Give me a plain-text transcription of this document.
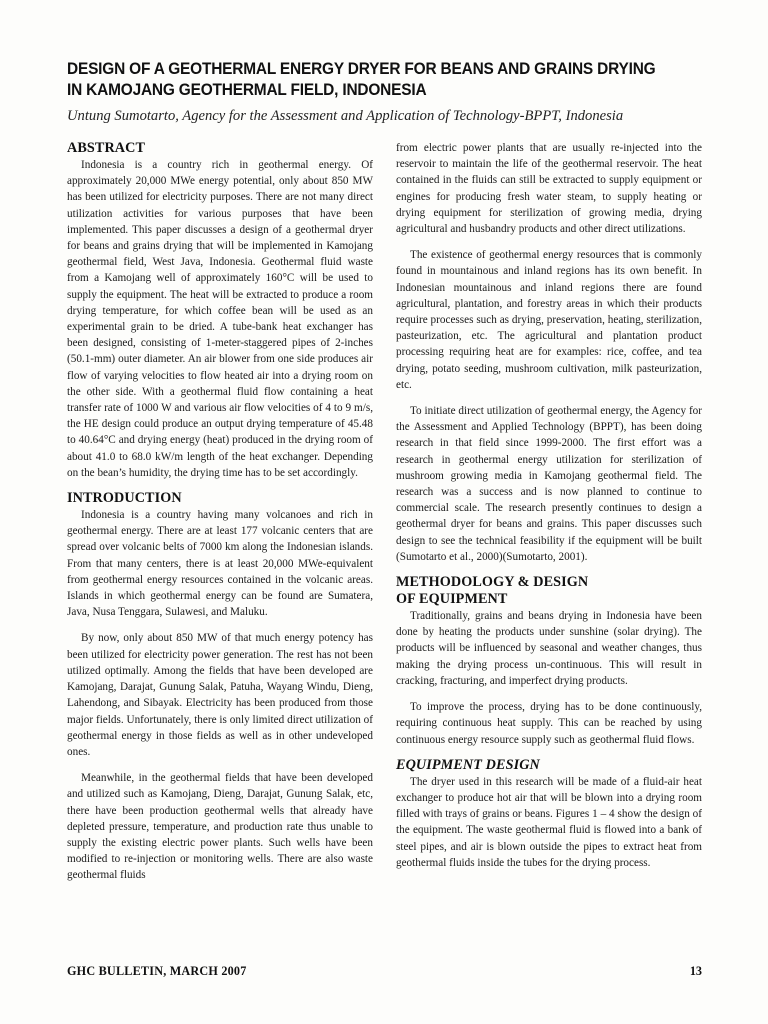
DESIGN OF A GEOTHERMAL ENERGY DRYER FOR BEANS AND GRAINS DRYING IN KAMOJANG GEOTHERMAL FIELD, INDONESIA

Untung Sumotarto, Agency for the Assessment and Application of Technology-BPPT, Indonesia

ABSTRACT

Indonesia is a country rich in geothermal energy. Of approximately 20,000 MWe energy potential, only about 850 MW has been utilized for electricity purposes. There are not many direct utilization activities for various purposes that have been implemented. This paper discusses a design of a geothermal dryer for beans and grains drying that will be implemented in Kamojang geothermal field, West Java, Indonesia. Geothermal fluid waste from a Kamojang well of approximately 160°C will be used to supply the equipment. The heat will be extracted to produce a room drying temperature, for which coffee bean will be used as an experimental grain to be dried. A tube-bank heat exchanger has been designed, consisting of 1-meter-staggered pipes of 2-inches (50.1-mm) outer diameter. An air blower from one side produces air flow of varying velocities to flow heated air into a drying room on the other side. With a geothermal fluid flow containing a heat transfer rate of 1000 W and various air flow velocities of 4 to 9 m/s, the HE design could produce an output drying temperature of 45.48 to 40.64°C and drying energy (heat) produced in the drying room of about 41.0 to 68.0 kW/m length of the heat exchanger. Depending on the bean’s humidity, the drying time has to be set accordingly.

INTRODUCTION

Indonesia is a country having many volcanoes and rich in geothermal energy. There are at least 177 volcanic centers that are spread over volcanic belts of 7000 km along the Indonesian islands. From that many centers, there is at least 20,000 MWe-equivalent from geothermal energy resources contained in the volcanic areas. Islands in which geothermal energy can be found are Sumatera, Java, Nusa Tenggara, Sulawesi, and Maluku.

By now, only about 850 MW of that much energy potency has been utilized for electricity power generation. The rest has not been utilized optimally. Among the fields that have been developed are Kamojang, Darajat, Gunung Salak, Patuha, Wayang Windu, Dieng, Lahendong, and Sibayak. Electricity has been produced from those major fields. Unfortunately, there is only limited direct utilization of geothermal energy in those fields as well as in other undeveloped ones.

Meanwhile, in the geothermal fields that have been developed and utilized such as Kamojang, Dieng, Darajat, Gunung Salak, etc, there have been production geothermal wells that already have depleted pressure, temperature, and production rate thus unable to supply the existing electric power plants. Such wells have been modified to re-injection or monitoring wells. There are also waste geothermal fluids

from electric power plants that are usually re-injected into the reservoir to maintain the life of the geothermal reservoir. The heat contained in the fluids can still be extracted to supply equipment or engines for producing fresh water steam, to supply heating or drying equipment for sterilization of growing media, drying agricultural and husbandry products and other direct utilizations.

The existence of geothermal energy resources that is commonly found in mountainous and inland regions has its own benefit. In Indonesian mountainous and inland regions there are found agricultural, plantation, and forestry areas in which their products require processes such as drying, preservation, heating, sterilization, pasteurization, etc. The agricultural and plantation product processing requiring heat are for examples: rice, coffee, and tea drying, potato seeding, mushroom cultivation, milk pasteurization, etc.

To initiate direct utilization of geothermal energy, the Agency for the Assessment and Applied Technology (BPPT), has been doing research in that field since 1999-2000. The first effort was a research in geothermal energy utilization for sterilization of mushroom growing media in Kamojang geothermal field. The research was a success and is now planned to continue to commercial scale. The research presently continues to design a geothermal dryer for beans and grains. This paper discusses such design to see the technical feasibility if the equipment will be built (Sumotarto et al., 2000)(Sumotarto, 2001).

METHODOLOGY & DESIGN
OF EQUIPMENT

Traditionally, grains and beans drying in Indonesia have been done by heating the products under sunshine (solar drying). The products will be influenced by seasonal and weather changes, thus making the drying process un-continuous. This will result in cracking, fracturing, and imperfect drying products.

To improve the process, drying has to be done continuously, requiring continuous heat supply. This can be reached by using continuous energy resource supply such as geothermal fluid flows.

EQUIPMENT DESIGN

The dryer used in this research will be made of a fluid-air heat exchanger to produce hot air that will be blown into a drying room filled with trays of grains or beans. Figures 1 – 4 show the design of the equipment. The waste geothermal fluid is flowed into a bank of steel pipes, and air is blown outside the pipes to extract heat from geothermal fluids inside the tubes for the drying process.

GHC BULLETIN, MARCH 2007	13
